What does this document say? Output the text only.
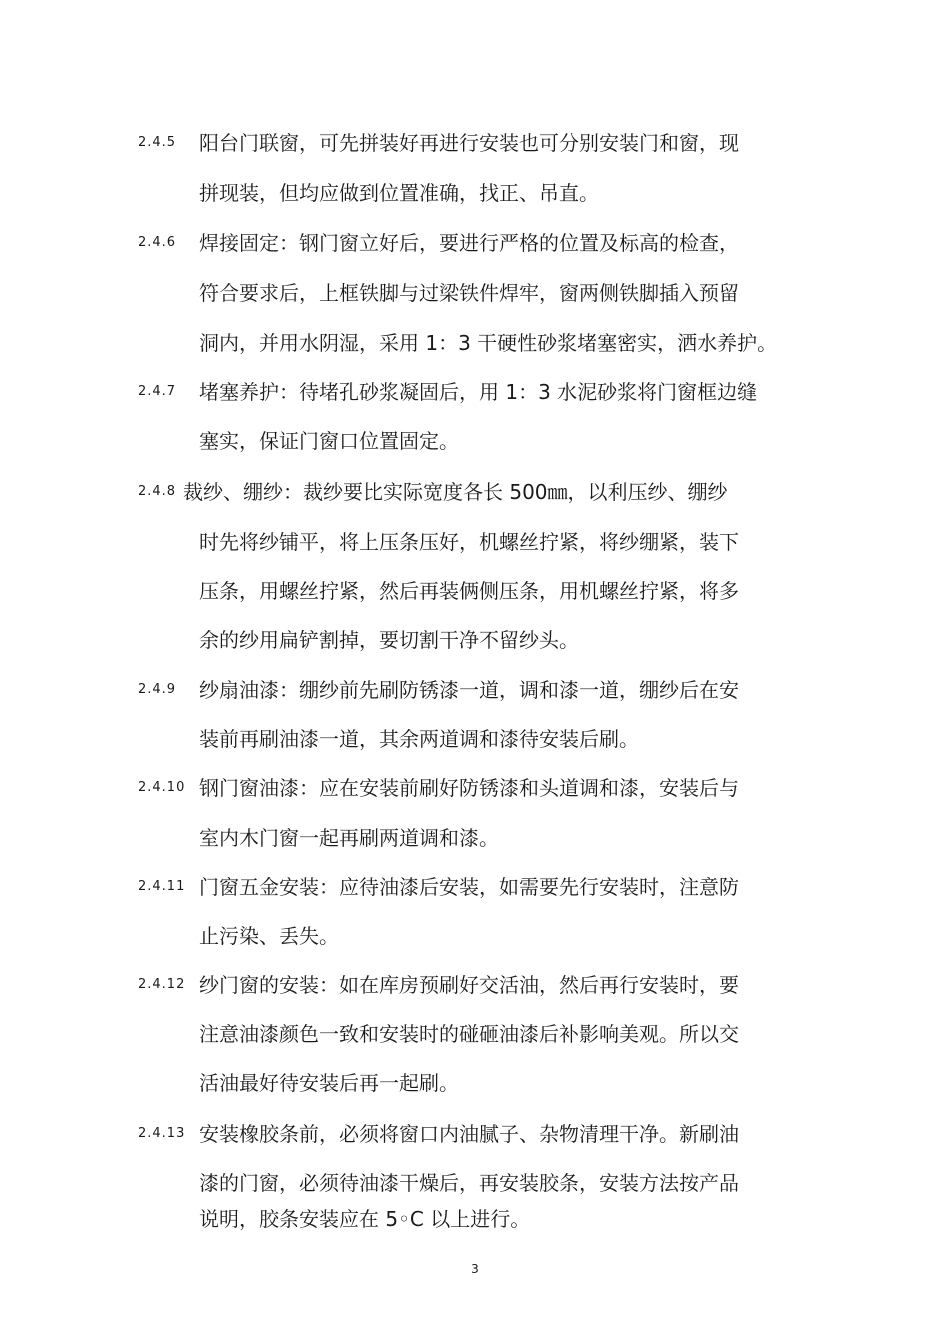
2.4.5 阳台门联窗，可先拼装好再进行安装也可分别安装门和窗，现
拼现装，但均应做到位置准确，找正、吊直。
2.4.6 焊接固定：钢门窗立好后，要进行严格的位置及标高的检查，
符合要求后，上框铁脚与过梁铁件焊牢，窗两侧铁脚插入预留
洞内，并用水阴湿，采用 1：3 干硬性砂浆堵塞密实，洒水养护。
2.4.7 堵塞养护：待堵孔砂浆凝固后，用 1：3 水泥砂浆将门窗框边缝
塞实，保证门窗口位置固定。
2.4.8 裁纱、绷纱：裁纱要比实际宽度各长 500㎜，以利压纱、绷纱
时先将纱铺平，将上压条压好，机螺丝拧紧，将纱绷紧，装下
压条，用螺丝拧紧，然后再装俩侧压条，用机螺丝拧紧，将多
余的纱用扁铲割掉，要切割干净不留纱头。
2.4.9 纱扇油漆：绷纱前先刷防锈漆一道，调和漆一道，绷纱后在安
装前再刷油漆一道，其余两道调和漆待安装后刷。
2.4.10 钢门窗油漆：应在安装前刷好防锈漆和头道调和漆，安装后与
室内木门窗一起再刷两道调和漆。
2.4.11 门窗五金安装：应待油漆后安装，如需要先行安装时，注意防
止污染、丢失。
2.4.12 纱门窗的安装：如在库房预刷好交活油，然后再行安装时，要
注意油漆颜色一致和安装时的碰砸油漆后补影响美观。所以交
活油最好待安装后再一起刷。
2.4.13 安装橡胶条前，必须将窗口内油腻子、杂物清理干净。新刷油
漆的门窗，必须待油漆干燥后，再安装胶条，安装方法按产品
说明，胶条安装应在 5◦C 以上进行。
3
